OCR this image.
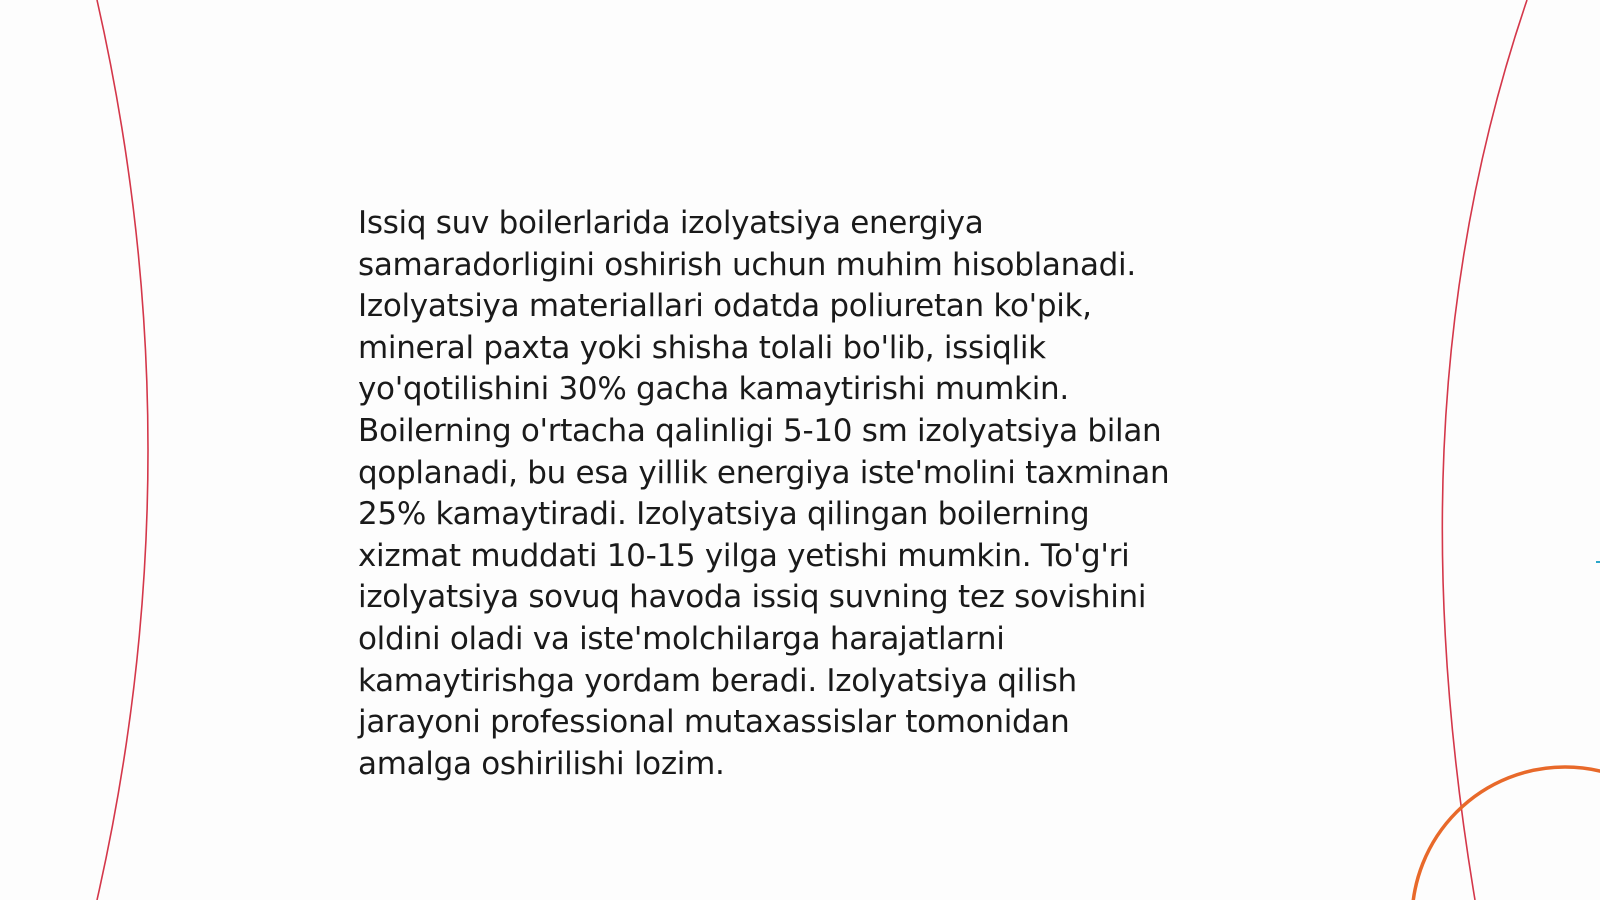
Issiq suv boilerlarida izolyatsiya energiya
samaradorligini oshirish uchun muhim hisoblanadi.
Izolyatsiya materiallari odatda poliuretan ko'pik,
mineral paxta yoki shisha tolali bo'lib, issiqlik
yo'qotilishini 30% gacha kamaytirishi mumkin.
Boilerning o'rtacha qalinligi 5-10 sm izolyatsiya bilan
qoplanadi, bu esa yillik energiya iste'molini taxminan
25% kamaytiradi. Izolyatsiya qilingan boilerning
xizmat muddati 10-15 yilga yetishi mumkin. To'g'ri
izolyatsiya sovuq havoda issiq suvning tez sovishini
oldini oladi va iste'molchilarga harajatlarni
kamaytirishga yordam beradi. Izolyatsiya qilish
jarayoni professional mutaxassislar tomonidan
amalga oshirilishi lozim.
